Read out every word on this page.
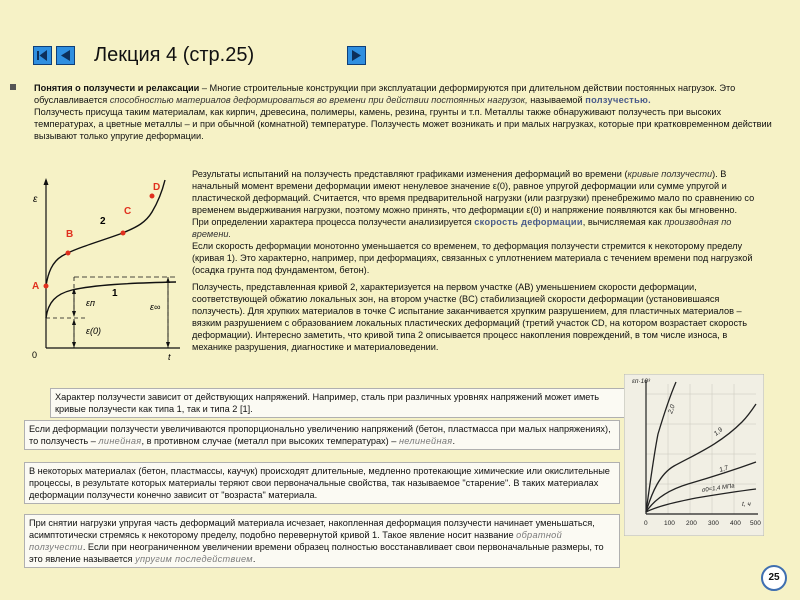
Лекция 4 (стр.25)

Понятия о ползучести и релаксации – Многие строительные конструкции при эксплуатации деформируются при длительном действии постоянных нагрузок. Это обуславливается способностью материалов деформироваться во времени при действии постоянных нагрузок, называемой ползучестью.

Ползучесть присуща таким материалам, как кирпич, древесина, полимеры, камень, резина, грунты и т.п. Металлы также обнаруживают ползучесть при высоких температурах, а цветные металлы – и при обычной (комнатной) температуре. Ползучесть может возникать и при малых нагрузках, которые при кратковременном действии вызывают только упругие деформации.

ε
t
0
1
2
A
B
C
D
εп
ε(0)
ε∞

Результаты испытаний на ползучесть представляют графиками изменения деформаций во времени (кривые ползучести). В начальный момент времени деформации имеют ненулевое значение ε(0), равное упругой деформации или сумме упругой и пластической деформаций. Считается, что время предварительной нагрузки (или разгрузки) пренебрежимо мало по сравнению со временем выдерживания нагрузки, поэтому можно принять, что деформации ε(0) и напряжение появляются как бы мгновенно.

При определении характера процесса ползучести анализируется скорость деформации, вычисляемая как производная по времени.

Если скорость деформации монотонно уменьшается со временем, то деформация ползучести стремится к некоторому пределу (кривая 1). Это характерно, например, при деформациях, связанных с уплотнением материала с течением времени под нагрузкой (осадка грунта под фундаментом, бетон).

Ползучесть, представленная кривой 2, характеризуется на первом участке (AB) уменьшением скорости деформации, соответствующей обжатию локальных зон, на втором участке (BC) стабилизацией скорости деформации (установившаяся ползучесть). Для хрупких материалов в точке C испытание заканчивается хрупким разрушением, для пластичных материалов – вязким разрушением с образованием локальных пластических деформаций (третий участок CD, на котором возрастает скорость деформации). Интересно заметить, что кривой типа 2 описывается процесс накопления повреждений, в том числе износа, в механике разрушения, диагностике и материаловедении.

Характер ползучести зависит от действующих напряжений. Например, сталь при различных уровнях напряжений может иметь кривые ползучести как типа 1, так и типа 2 [1].

Если деформации ползучести увеличиваются пропорционально увеличению напряжений (бетон, пластмасса при малых напряжениях), то ползучесть – линейная, в противном случае (металл при высоких температурах) – нелинейная.

В некоторых материалах (бетон, пластмассы, каучук) происходят длительные, медленно протекающие химические или окислительные процессы, в результате которых материалы теряют свои первоначальные свойства, так называемое "старение". В таких материалах деформации ползучести конечно зависит от "возраста" материала.

При снятии нагрузки упругая часть деформаций материала исчезает, накопленная деформация ползучести начинает уменьшаться, асимптотически стремясь к некоторому пределу, подобно перевернутой кривой 1. Такое явление носит название обратной ползучести. Если при неограниченном увеличении времени образец полностью восстанавливает свои первоначальные размеры, то это явление называется упругим последействием.

εп·10³
t, ч
0	100 200 300 400 500
2,0
1,9
1,7
σ0=1,4 МПа
25
